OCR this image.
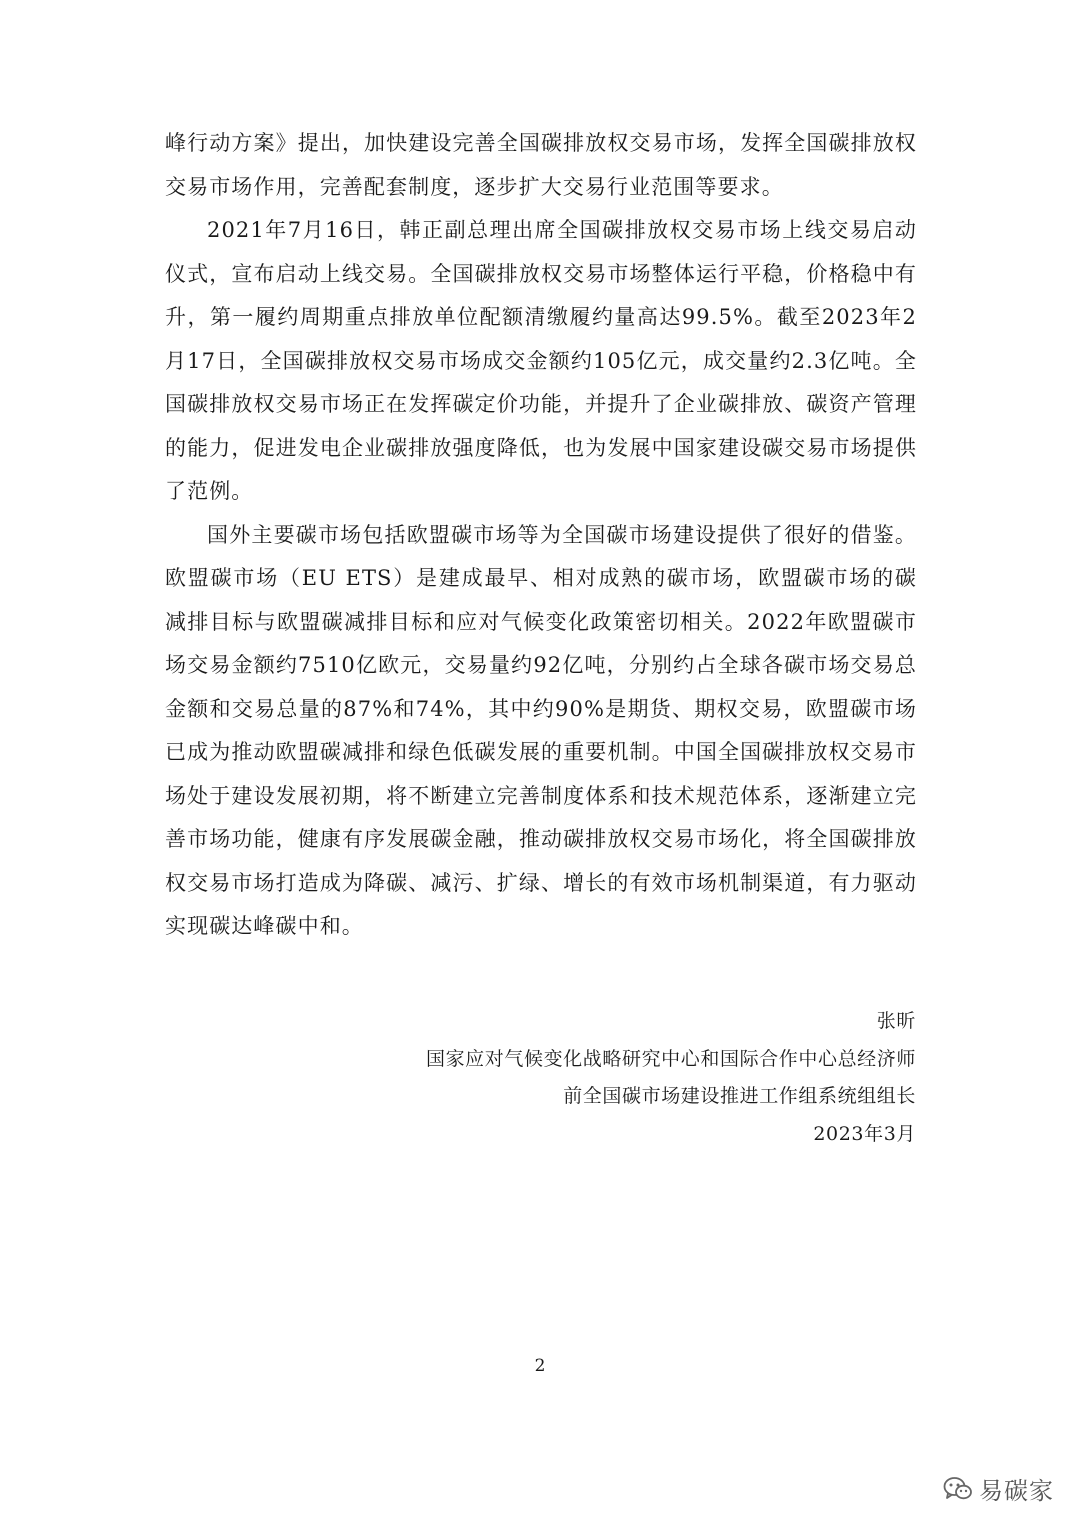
峰行动方案》提出，加快建设完善全国碳排放权交易市场，发挥全国碳排放权交易市场作用，完善配套制度，逐步扩大交易行业范围等要求。

2021年7月16日，韩正副总理出席全国碳排放权交易市场上线交易启动仪式，宣布启动上线交易。全国碳排放权交易市场整体运行平稳，价格稳中有升，第一履约周期重点排放单位配额清缴履约量高达99.5%。截至2023年2月17日，全国碳排放权交易市场成交金额约105亿元，成交量约2.3亿吨。全国碳排放权交易市场正在发挥碳定价功能，并提升了企业碳排放、碳资产管理的能力，促进发电企业碳排放强度降低，也为发展中国家建设碳交易市场提供了范例。

国外主要碳市场包括欧盟碳市场等为全国碳市场建设提供了很好的借鉴。欧盟碳市场（EU ETS）是建成最早、相对成熟的碳市场，欧盟碳市场的碳减排目标与欧盟碳减排目标和应对气候变化政策密切相关。2022年欧盟碳市场交易金额约7510亿欧元，交易量约92亿吨，分别约占全球各碳市场交易总金额和交易总量的87%和74%，其中约90%是期货、期权交易，欧盟碳市场已成为推动欧盟碳减排和绿色低碳发展的重要机制。中国全国碳排放权交易市场处于建设发展初期，将不断建立完善制度体系和技术规范体系，逐渐建立完善市场功能，健康有序发展碳金融，推动碳排放权交易市场化，将全国碳排放权交易市场打造成为降碳、减污、扩绿、增长的有效市场机制渠道，有力驱动实现碳达峰碳中和。

张昕
国家应对气候变化战略研究中心和国际合作中心总经济师
前全国碳市场建设推进工作组系统组组长
2023年3月
2
易碳家
